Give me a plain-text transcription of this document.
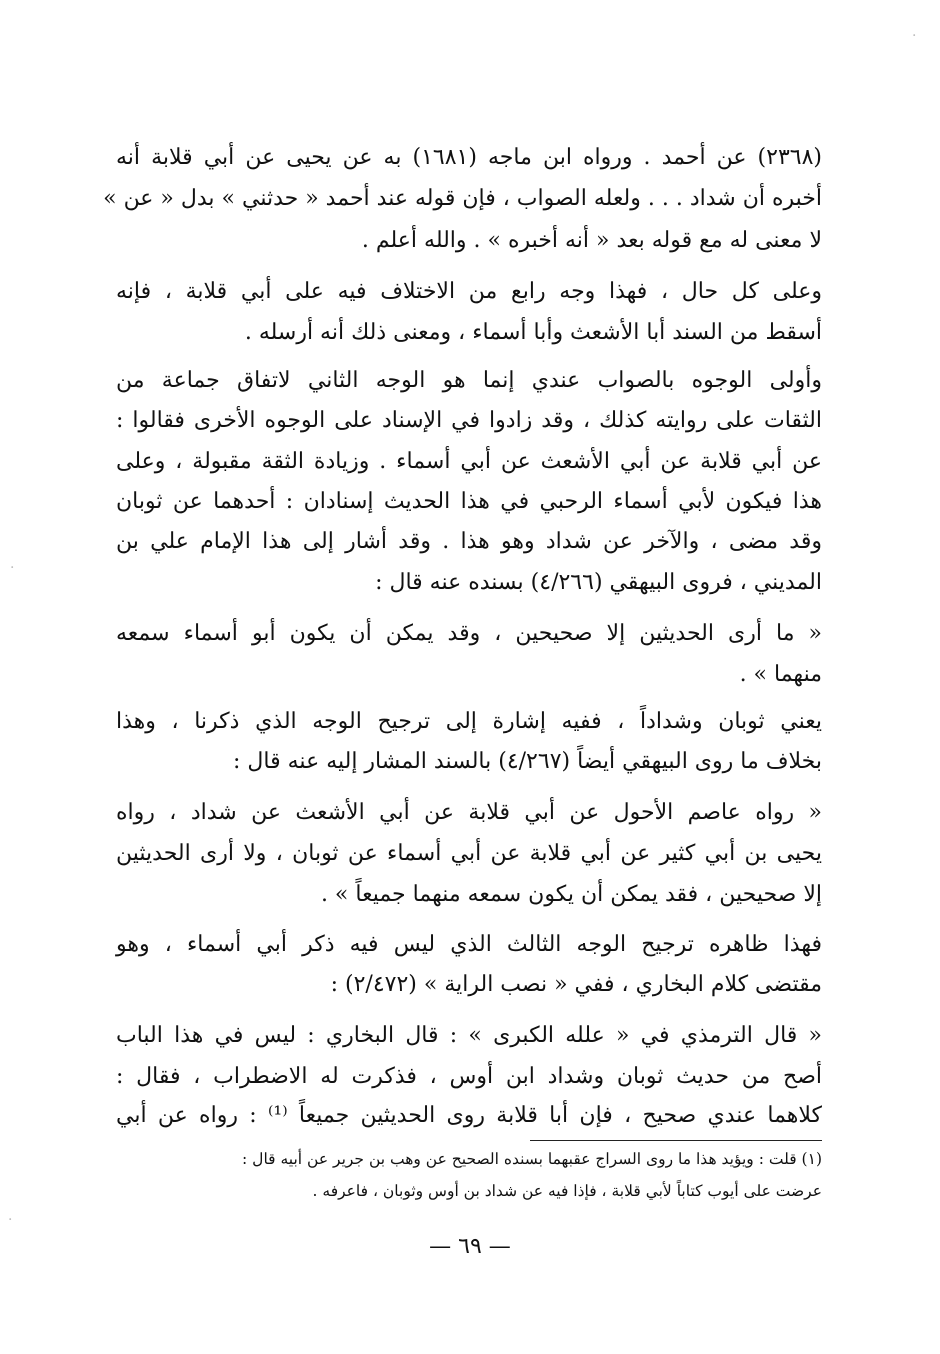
(٢٣٦٨) عن أحمد . ورواه ابن ماجه (١٦٨١) به عن يحيى عن أبي قلابة أنه
أخبره أن شداد . . . ولعله الصواب ، فإن قوله عند أحمد « حدثني » بدل « عن »
لا معنى له مع قوله بعد « أنه أخبره » . والله أعلم .
وعلى كل حال ، فهذا وجه رابع من الاختلاف فيه على أبي قلابة ، فإنه
أسقط من السند أبا الأشعث وأبا أسماء ، ومعنى ذلك أنه أرسله .
وأولى الوجوه بالصواب عندي إنما هو الوجه الثاني لاتفاق جماعة من
الثقات على روايته كذلك ، وقد زادوا في الإسناد على الوجوه الأخرى فقالوا :
عن أبي قلابة عن أبي الأشعث عن أبي أسماء . وزيادة الثقة مقبولة ، وعلى
هذا فيكون لأبي أسماء الرحبي في هذا الحديث إسنادان : أحدهما عن ثوبان
وقد مضى ، والآخر عن شداد وهو هذا . وقد أشار إلى هذا الإمام علي بن
المديني ، فروى البيهقي (٤/٢٦٦) بسنده عنه قال :
« ما أرى الحديثين إلا صحيحين ، وقد يمكن أن يكون أبو أسماء سمعه
منهما » .
يعني ثوبان وشداداً ، ففيه إشارة إلى ترجيح الوجه الذي ذكرنا ، وهذا
بخلاف ما روى البيهقي أيضاً (٤/٢٦٧) بالسند المشار إليه عنه قال :
« رواه عاصم الأحول عن أبي قلابة عن أبي الأشعث عن شداد ، رواه
يحيى بن أبي كثير عن أبي قلابة عن أبي أسماء عن ثوبان ، ولا أرى الحديثين
إلا صحيحين ، فقد يمكن أن يكون سمعه منهما جميعاً » .
فهذا ظاهره ترجيح الوجه الثالث الذي ليس فيه ذكر أبي أسماء ، وهو
مقتضى كلام البخاري ، ففي « نصب الراية » (٢/٤٧٢) :
« قال الترمذي في « علله الكبرى » : قال البخاري : ليس في هذا الباب
أصح من حديث ثوبان وشداد ابن أوس ، فذكرت له الاضطراب ، فقال :
كلاهما عندي صحيح ، فإن أبا قلابة روى الحديثين جميعاً ⁽¹⁾ : رواه عن أبي
(١) قلت : ويؤيد هذا ما روى السراج عقبهما بسنده الصحيح عن وهب بن جرير عن أبيه قال :
عرضت على أيوب كتاباً لأبي قلابة ، فإذا فيه عن شداد بن أوس وثوبان ، فاعرفه .
— ٦٩ —
·
·
·
